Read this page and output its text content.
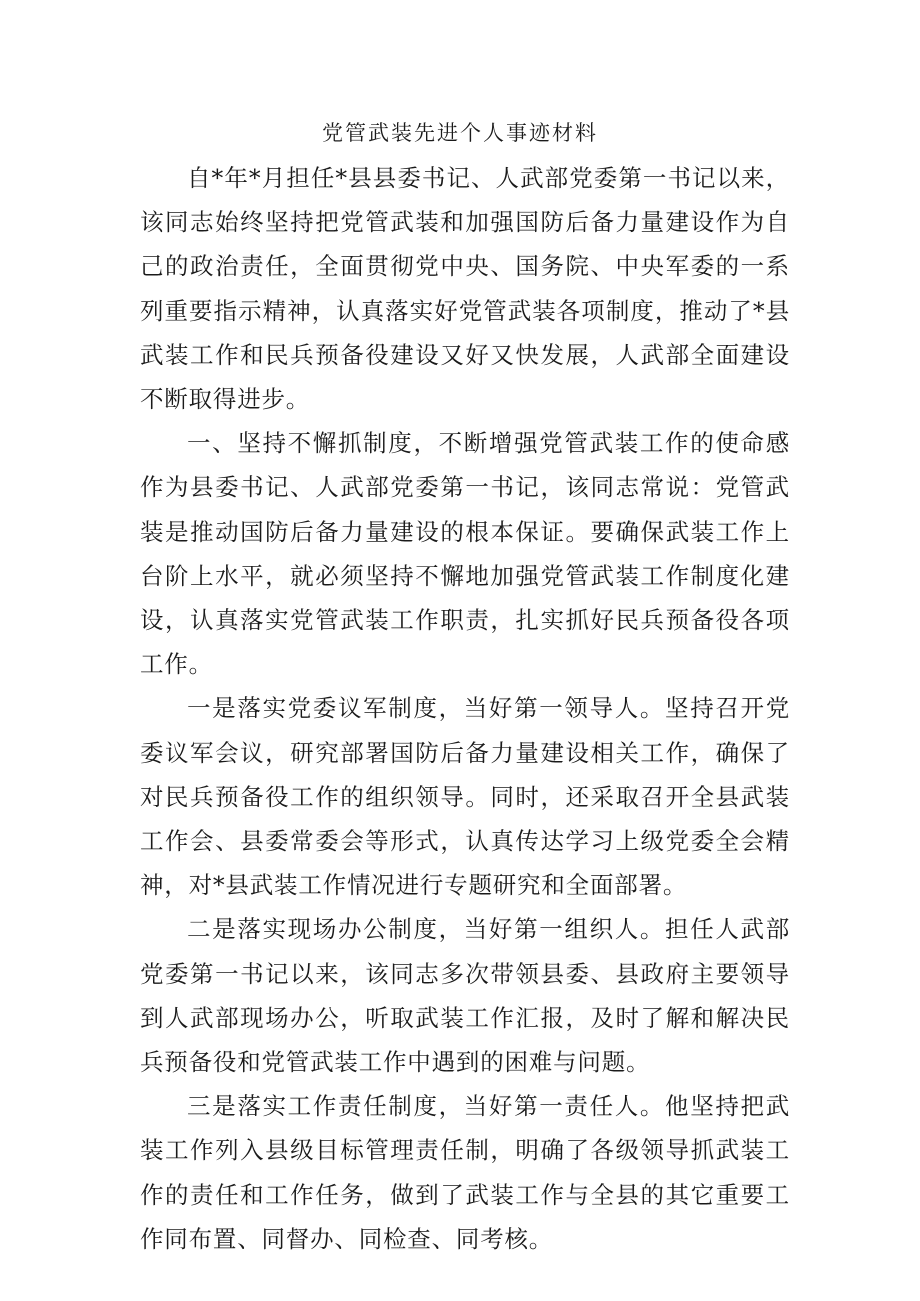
党管武装先进个人事迹材料

自*年*月担任*县县委书记、人武部党委第一书记以来，该同志始终坚持把党管武装和加强国防后备力量建设作为自己的政治责任，全面贯彻党中央、国务院、中央军委的一系列重要指示精神，认真落实好党管武装各项制度，推动了*县武装工作和民兵预备役建设又好又快发展，人武部全面建设不断取得进步。

一、坚持不懈抓制度，不断增强党管武装工作的使命感作为县委书记、人武部党委第一书记，该同志常说：党管武装是推动国防后备力量建设的根本保证。要确保武装工作上台阶上水平，就必须坚持不懈地加强党管武装工作制度化建设，认真落实党管武装工作职责，扎实抓好民兵预备役各项工作。

一是落实党委议军制度，当好第一领导人。坚持召开党委议军会议，研究部署国防后备力量建设相关工作，确保了对民兵预备役工作的组织领导。同时，还采取召开全县武装工作会、县委常委会等形式，认真传达学习上级党委全会精神，对*县武装工作情况进行专题研究和全面部署。

二是落实现场办公制度，当好第一组织人。担任人武部党委第一书记以来，该同志多次带领县委、县政府主要领导到人武部现场办公，听取武装工作汇报，及时了解和解决民兵预备役和党管武装工作中遇到的困难与问题。

三是落实工作责任制度，当好第一责任人。他坚持把武装工作列入县级目标管理责任制，明确了各级领导抓武装工作的责任和工作任务，做到了武装工作与全县的其它重要工作同布置、同督办、同检查、同考核。
